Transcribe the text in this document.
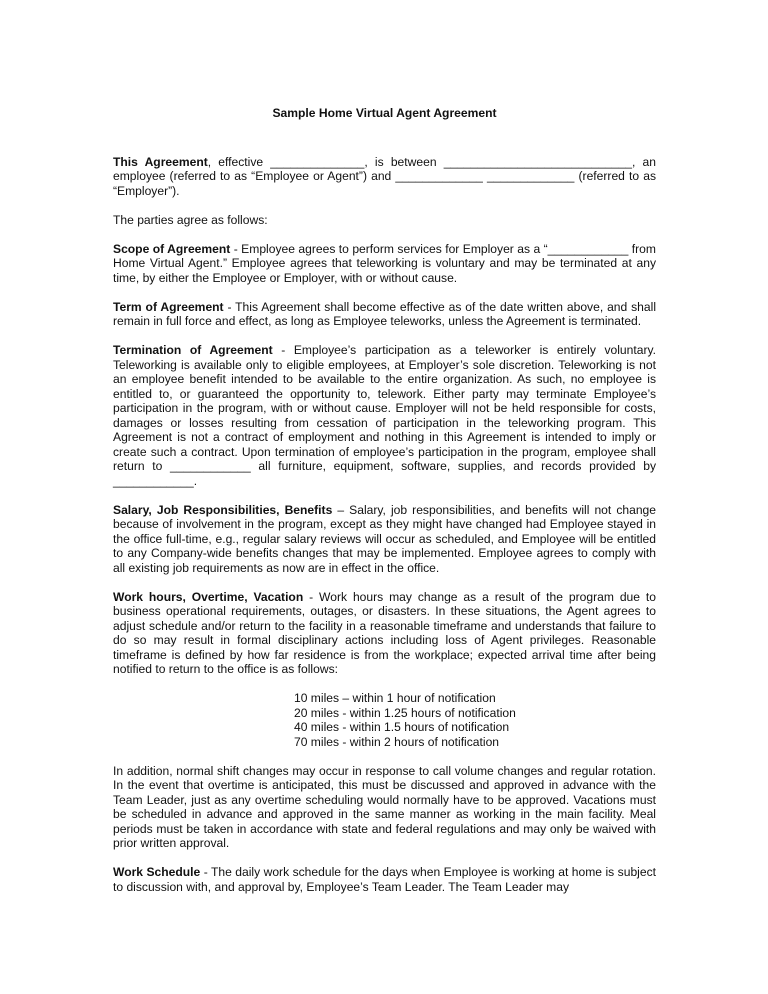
Sample Home Virtual Agent Agreement

This Agreement, effective ______________, is between ____________________________, an employee (referred to as “Employee or Agent”) and _____________ _____________ (referred to as “Employer”).

The parties agree as follows:

Scope of Agreement - Employee agrees to perform services for Employer as a “____________ from Home Virtual Agent.” Employee agrees that teleworking is voluntary and may be terminated at any time, by either the Employee or Employer, with or without cause.

Term of Agreement - This Agreement shall become effective as of the date written above, and shall remain in full force and effect, as long as Employee teleworks, unless the Agreement is terminated.

Termination of Agreement - Employee’s participation as a teleworker is entirely voluntary. Teleworking is available only to eligible employees, at Employer’s sole discretion. Teleworking is not an employee benefit intended to be available to the entire organization. As such, no employee is entitled to, or guaranteed the opportunity to, telework. Either party may terminate Employee’s participation in the program, with or without cause. Employer will not be held responsible for costs, damages or losses resulting from cessation of participation in the teleworking program. This Agreement is not a contract of employment and nothing in this Agreement is intended to imply or create such a contract. Upon termination of employee’s participation in the program, employee shall return to ____________ all furniture, equipment, software, supplies, and records provided by ____________.

Salary, Job Responsibilities, Benefits – Salary, job responsibilities, and benefits will not change because of involvement in the program, except as they might have changed had Employee stayed in the office full-time, e.g., regular salary reviews will occur as scheduled, and Employee will be entitled to any Company-wide benefits changes that may be implemented. Employee agrees to comply with all existing job requirements as now are in effect in the office.

Work hours, Overtime, Vacation - Work hours may change as a result of the program due to business operational requirements, outages, or disasters. In these situations, the Agent agrees to adjust schedule and/or return to the facility in a reasonable timeframe and understands that failure to do so may result in formal disciplinary actions including loss of Agent privileges. Reasonable timeframe is defined by how far residence is from the workplace; expected arrival time after being notified to return to the office is as follows:

10 miles – within 1 hour of notification
20 miles - within 1.25 hours of notification
40 miles - within 1.5 hours of notification
70 miles - within 2 hours of notification

In addition, normal shift changes may occur in response to call volume changes and regular rotation. In the event that overtime is anticipated, this must be discussed and approved in advance with the Team Leader, just as any overtime scheduling would normally have to be approved. Vacations must be scheduled in advance and approved in the same manner as working in the main facility. Meal periods must be taken in accordance with state and federal regulations and may only be waived with prior written approval.

Work Schedule - The daily work schedule for the days when Employee is working at home is subject to discussion with, and approval by, Employee’s Team Leader. The Team Leader may
